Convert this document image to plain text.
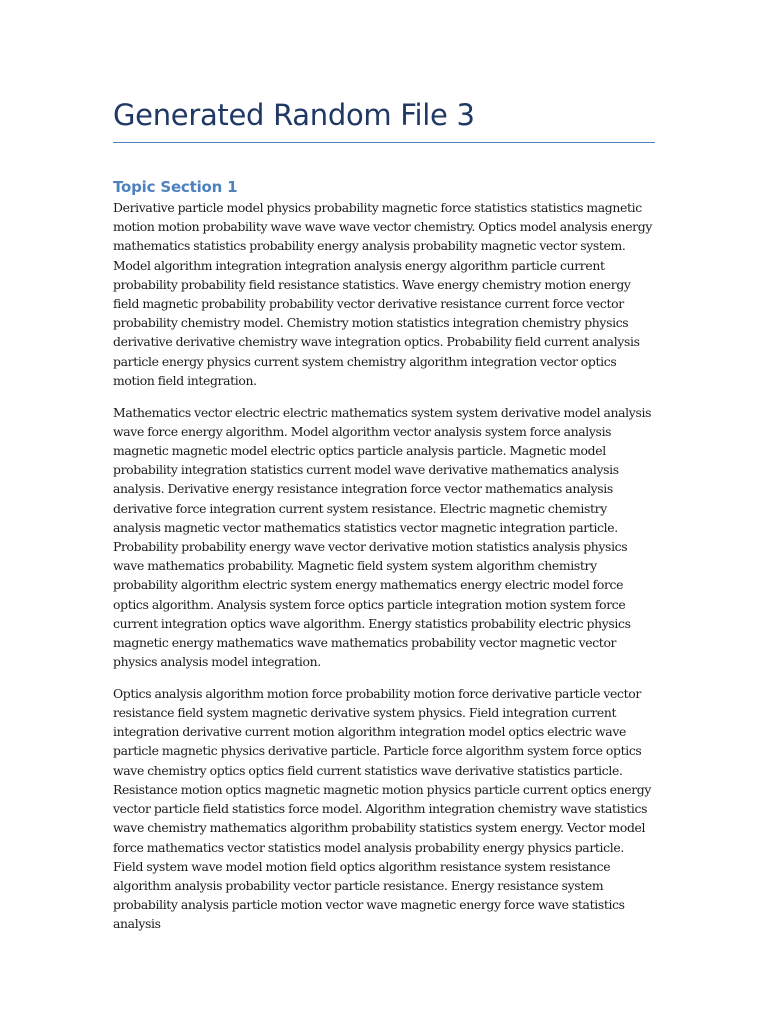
Generated Random File 3
Topic Section 1

Derivative particle model physics probability magnetic force statistics statistics magnetic motion motion probability wave wave wave vector chemistry. Optics model analysis energy mathematics statistics probability energy analysis probability magnetic vector system. Model algorithm integration integration analysis energy algorithm particle current probability probability field resistance statistics. Wave energy chemistry motion energy field magnetic probability probability vector derivative resistance current force vector probability chemistry model. Chemistry motion statistics integration chemistry physics derivative derivative chemistry wave integration optics. Probability field current analysis particle energy physics current system chemistry algorithm integration vector optics motion field integration.

Mathematics vector electric electric mathematics system system derivative model analysis wave force energy algorithm. Model algorithm vector analysis system force analysis magnetic magnetic model electric optics particle analysis particle. Magnetic model probability integration statistics current model wave derivative mathematics analysis analysis. Derivative energy resistance integration force vector mathematics analysis derivative force integration current system resistance. Electric magnetic chemistry analysis magnetic vector mathematics statistics vector magnetic integration particle. Probability probability energy wave vector derivative motion statistics analysis physics wave mathematics probability. Magnetic field system system algorithm chemistry probability algorithm electric system energy mathematics energy electric model force optics algorithm. Analysis system force optics particle integration motion system force current integration optics wave algorithm. Energy statistics probability electric physics magnetic energy mathematics wave mathematics probability vector magnetic vector physics analysis model integration.

Optics analysis algorithm motion force probability motion force derivative particle vector resistance field system magnetic derivative system physics. Field integration current integration derivative current motion algorithm integration model optics electric wave particle magnetic physics derivative particle. Particle force algorithm system force optics wave chemistry optics optics field current statistics wave derivative statistics particle. Resistance motion optics magnetic magnetic motion physics particle current optics energy vector particle field statistics force model. Algorithm integration chemistry wave statistics wave chemistry mathematics algorithm probability statistics system energy. Vector model force mathematics vector statistics model analysis probability energy physics particle. Field system wave model motion field optics algorithm resistance system resistance algorithm analysis probability vector particle resistance. Energy resistance system probability analysis particle motion vector wave magnetic energy force wave statistics analysis
